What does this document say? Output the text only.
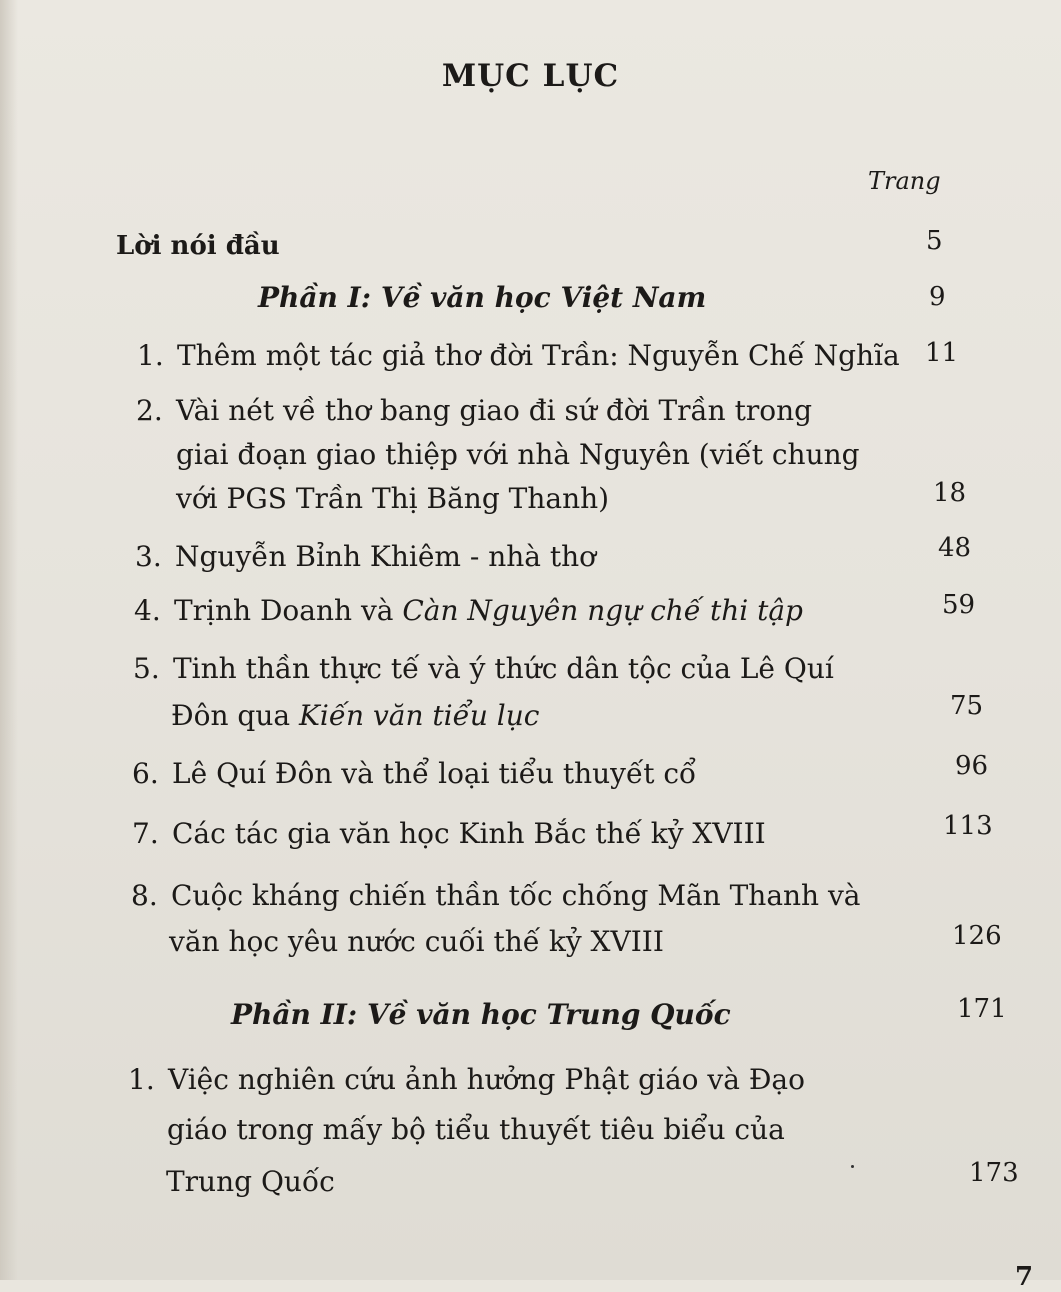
MỤC LỤC
Trang
Lời nói đầu	5
Phần I: Về văn học Việt Nam	9
1. Thêm một tác giả thơ đời Trần: Nguyễn Chế Nghĩa 11
2. Vài nét về thơ bang giao đi sứ đời Trần trong
giai đoạn giao thiệp với nhà Nguyên (viết chung
với PGS Trần Thị Băng Thanh)	18
3. Nguyễn Bỉnh Khiêm - nhà thơ	48
4. Trịnh Doanh và Càn Nguyên ngự chế thi tập	59
5. Tinh thần thực tế và ý thức dân tộc của Lê Quí
Đôn qua Kiến văn tiểu lục	75
6. Lê Quí Đôn và thể loại tiểu thuyết cổ	96
7. Các tác gia văn học Kinh Bắc thế kỷ XVIII	113
8. Cuộc kháng chiến thần tốc chống Mãn Thanh và
văn học yêu nước cuối thế kỷ XVIII	126
Phần II: Về văn học Trung Quốc	171
1. Việc nghiên cứu ảnh hưởng Phật giáo và Đạo
giáo trong mấy bộ tiểu thuyết tiêu biểu của
Trung Quốc	173
7
